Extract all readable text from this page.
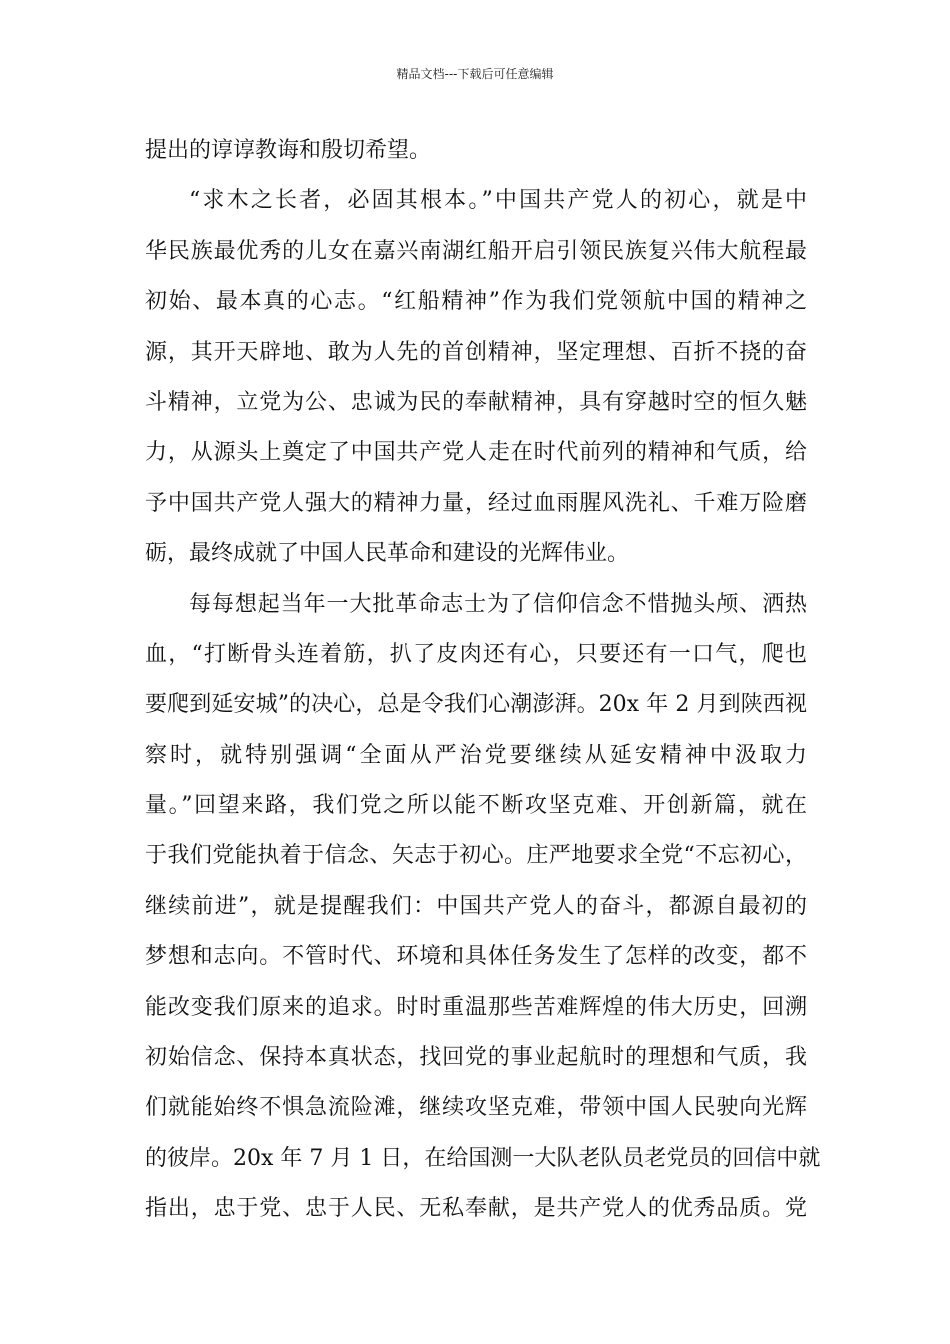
精品文档---下载后可任意编辑
提出的谆谆教诲和殷切希望。
“求木之长者，必固其根本。”中国共产党人的初心，就是中
华民族最优秀的儿女在嘉兴南湖红船开启引领民族复兴伟大航程最
初始、最本真的心志。“红船精神”作为我们党领航中国的精神之
源，其开天辟地、敢为人先的首创精神，坚定理想、百折不挠的奋
斗精神，立党为公、忠诚为民的奉献精神，具有穿越时空的恒久魅
力，从源头上奠定了中国共产党人走在时代前列的精神和气质，给
予中国共产党人强大的精神力量，经过血雨腥风洗礼、千难万险磨
砺，最终成就了中国人民革命和建设的光辉伟业。
每每想起当年一大批革命志士为了信仰信念不惜抛头颅、洒热
血，“打断骨头连着筋，扒了皮肉还有心，只要还有一口气，爬也
要爬到延安城”的决心，总是令我们心潮澎湃。20x 年 2 月到陕西视
察时，就特别强调“全面从严治党要继续从延安精神中汲取力
量。”回望来路，我们党之所以能不断攻坚克难、开创新篇，就在
于我们党能执着于信念、矢志于初心。庄严地要求全党“不忘初心，
继续前进”，就是提醒我们：中国共产党人的奋斗，都源自最初的
梦想和志向。不管时代、环境和具体任务发生了怎样的改变，都不
能改变我们原来的追求。时时重温那些苦难辉煌的伟大历史，回溯
初始信念、保持本真状态，找回党的事业起航时的理想和气质，我
们就能始终不惧急流险滩，继续攻坚克难，带领中国人民驶向光辉
的彼岸。20x 年 7 月 1 日，在给国测一大队老队员老党员的回信中就
指出，忠于党、忠于人民、无私奉献，是共产党人的优秀品质。党
